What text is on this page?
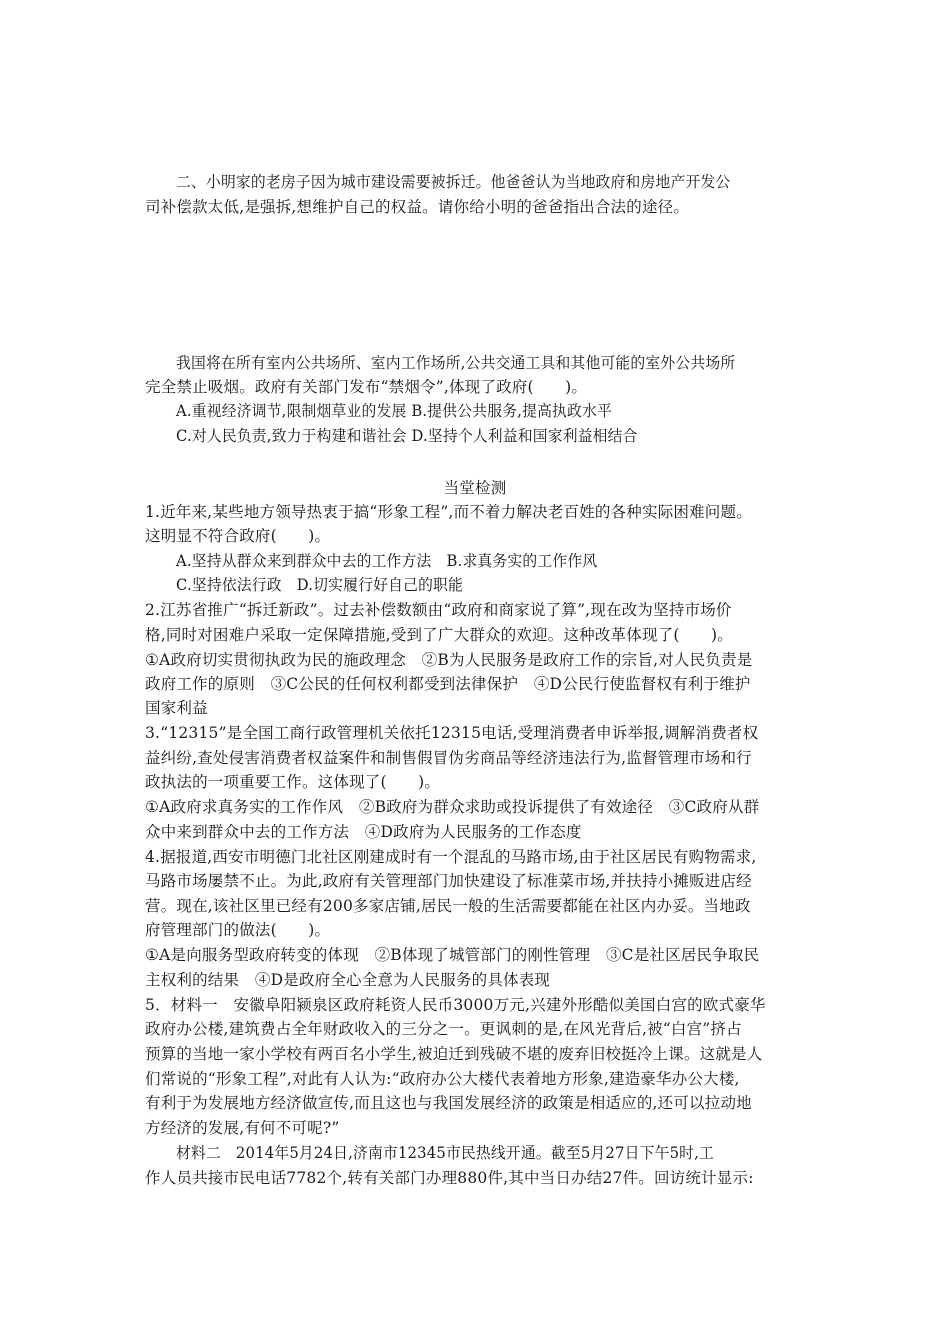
二、小明家的老房子因为城市建设需要被拆迁。他爸爸认为当地政府和房地产开发公
司补偿款太低,是强拆,想维护自己的权益。请你给小明的爸爸指出合法的途径。
我国将在所有室内公共场所、室内工作场所,公共交通工具和其他可能的室外公共场所
完全禁止吸烟。政府有关部门发布“禁烟令”,体现了政府(　　)。
A.重视经济调节,限制烟草业的发展 B.提供公共服务,提高执政水平
C.对人民负责,致力于构建和谐社会 D.坚持个人利益和国家利益相结合
当堂检测
1.近年来,某些地方领导热衷于搞“形象工程”,而不着力解决老百姓的各种实际困难问题。
这明显不符合政府(　　)。
A.坚持从群众来到群众中去的工作方法　B.求真务实的工作作风
C.坚持依法行政　D.切实履行好自己的职能
2.江苏省推广“拆迁新政”。过去补偿数额由“政府和商家说了算”,现在改为坚持市场价
格,同时对困难户采取一定保障措施,受到了广大群众的欢迎。这种改革体现了(　　)。
①A政府切实贯彻执政为民的施政理念　②B为人民服务是政府工作的宗旨,对人民负责是
政府工作的原则　③C公民的任何权利都受到法律保护　④D公民行使监督权有利于维护
国家利益
3.“12315”是全国工商行政管理机关依托12315电话,受理消费者申诉举报,调解消费者权
益纠纷,查处侵害消费者权益案件和制售假冒伪劣商品等经济违法行为,监督管理市场和行
政执法的一项重要工作。这体现了(　　)。
①A政府求真务实的工作作风　②B政府为群众求助或投诉提供了有效途径　③C政府从群
众中来到群众中去的工作方法　④D政府为人民服务的工作态度
4.据报道,西安市明德门北社区刚建成时有一个混乱的马路市场,由于社区居民有购物需求,
马路市场屡禁不止。为此,政府有关管理部门加快建设了标准菜市场,并扶持小摊贩进店经
营。现在,该社区里已经有200多家店铺,居民一般的生活需要都能在社区内办妥。当地政
府管理部门的做法(　　)。
①A是向服务型政府转变的体现　②B体现了城管部门的刚性管理　③C是社区居民争取民
主权利的结果　④D是政府全心全意为人民服务的具体表现
5．材料一　安徽阜阳颍泉区政府耗资人民币3000万元,兴建外形酷似美国白宫的欧式豪华
政府办公楼,建筑费占全年财政收入的三分之一。更讽刺的是,在风光背后,被“白宫”挤占
预算的当地一家小学校有两百名小学生,被迫迁到残破不堪的废弃旧校挺冷上课。这就是人
们常说的“形象工程”,对此有人认为:“政府办公大楼代表着地方形象,建造豪华办公大楼,
有利于为发展地方经济做宣传,而且这也与我国发展经济的政策是相适应的,还可以拉动地
方经济的发展,有何不可呢?”
材料二　2014年5月24日,济南市12345市民热线开通。截至5月27日下午5时,工
作人员共接市民电话7782个,转有关部门办理880件,其中当日办结27件。回访统计显示:
